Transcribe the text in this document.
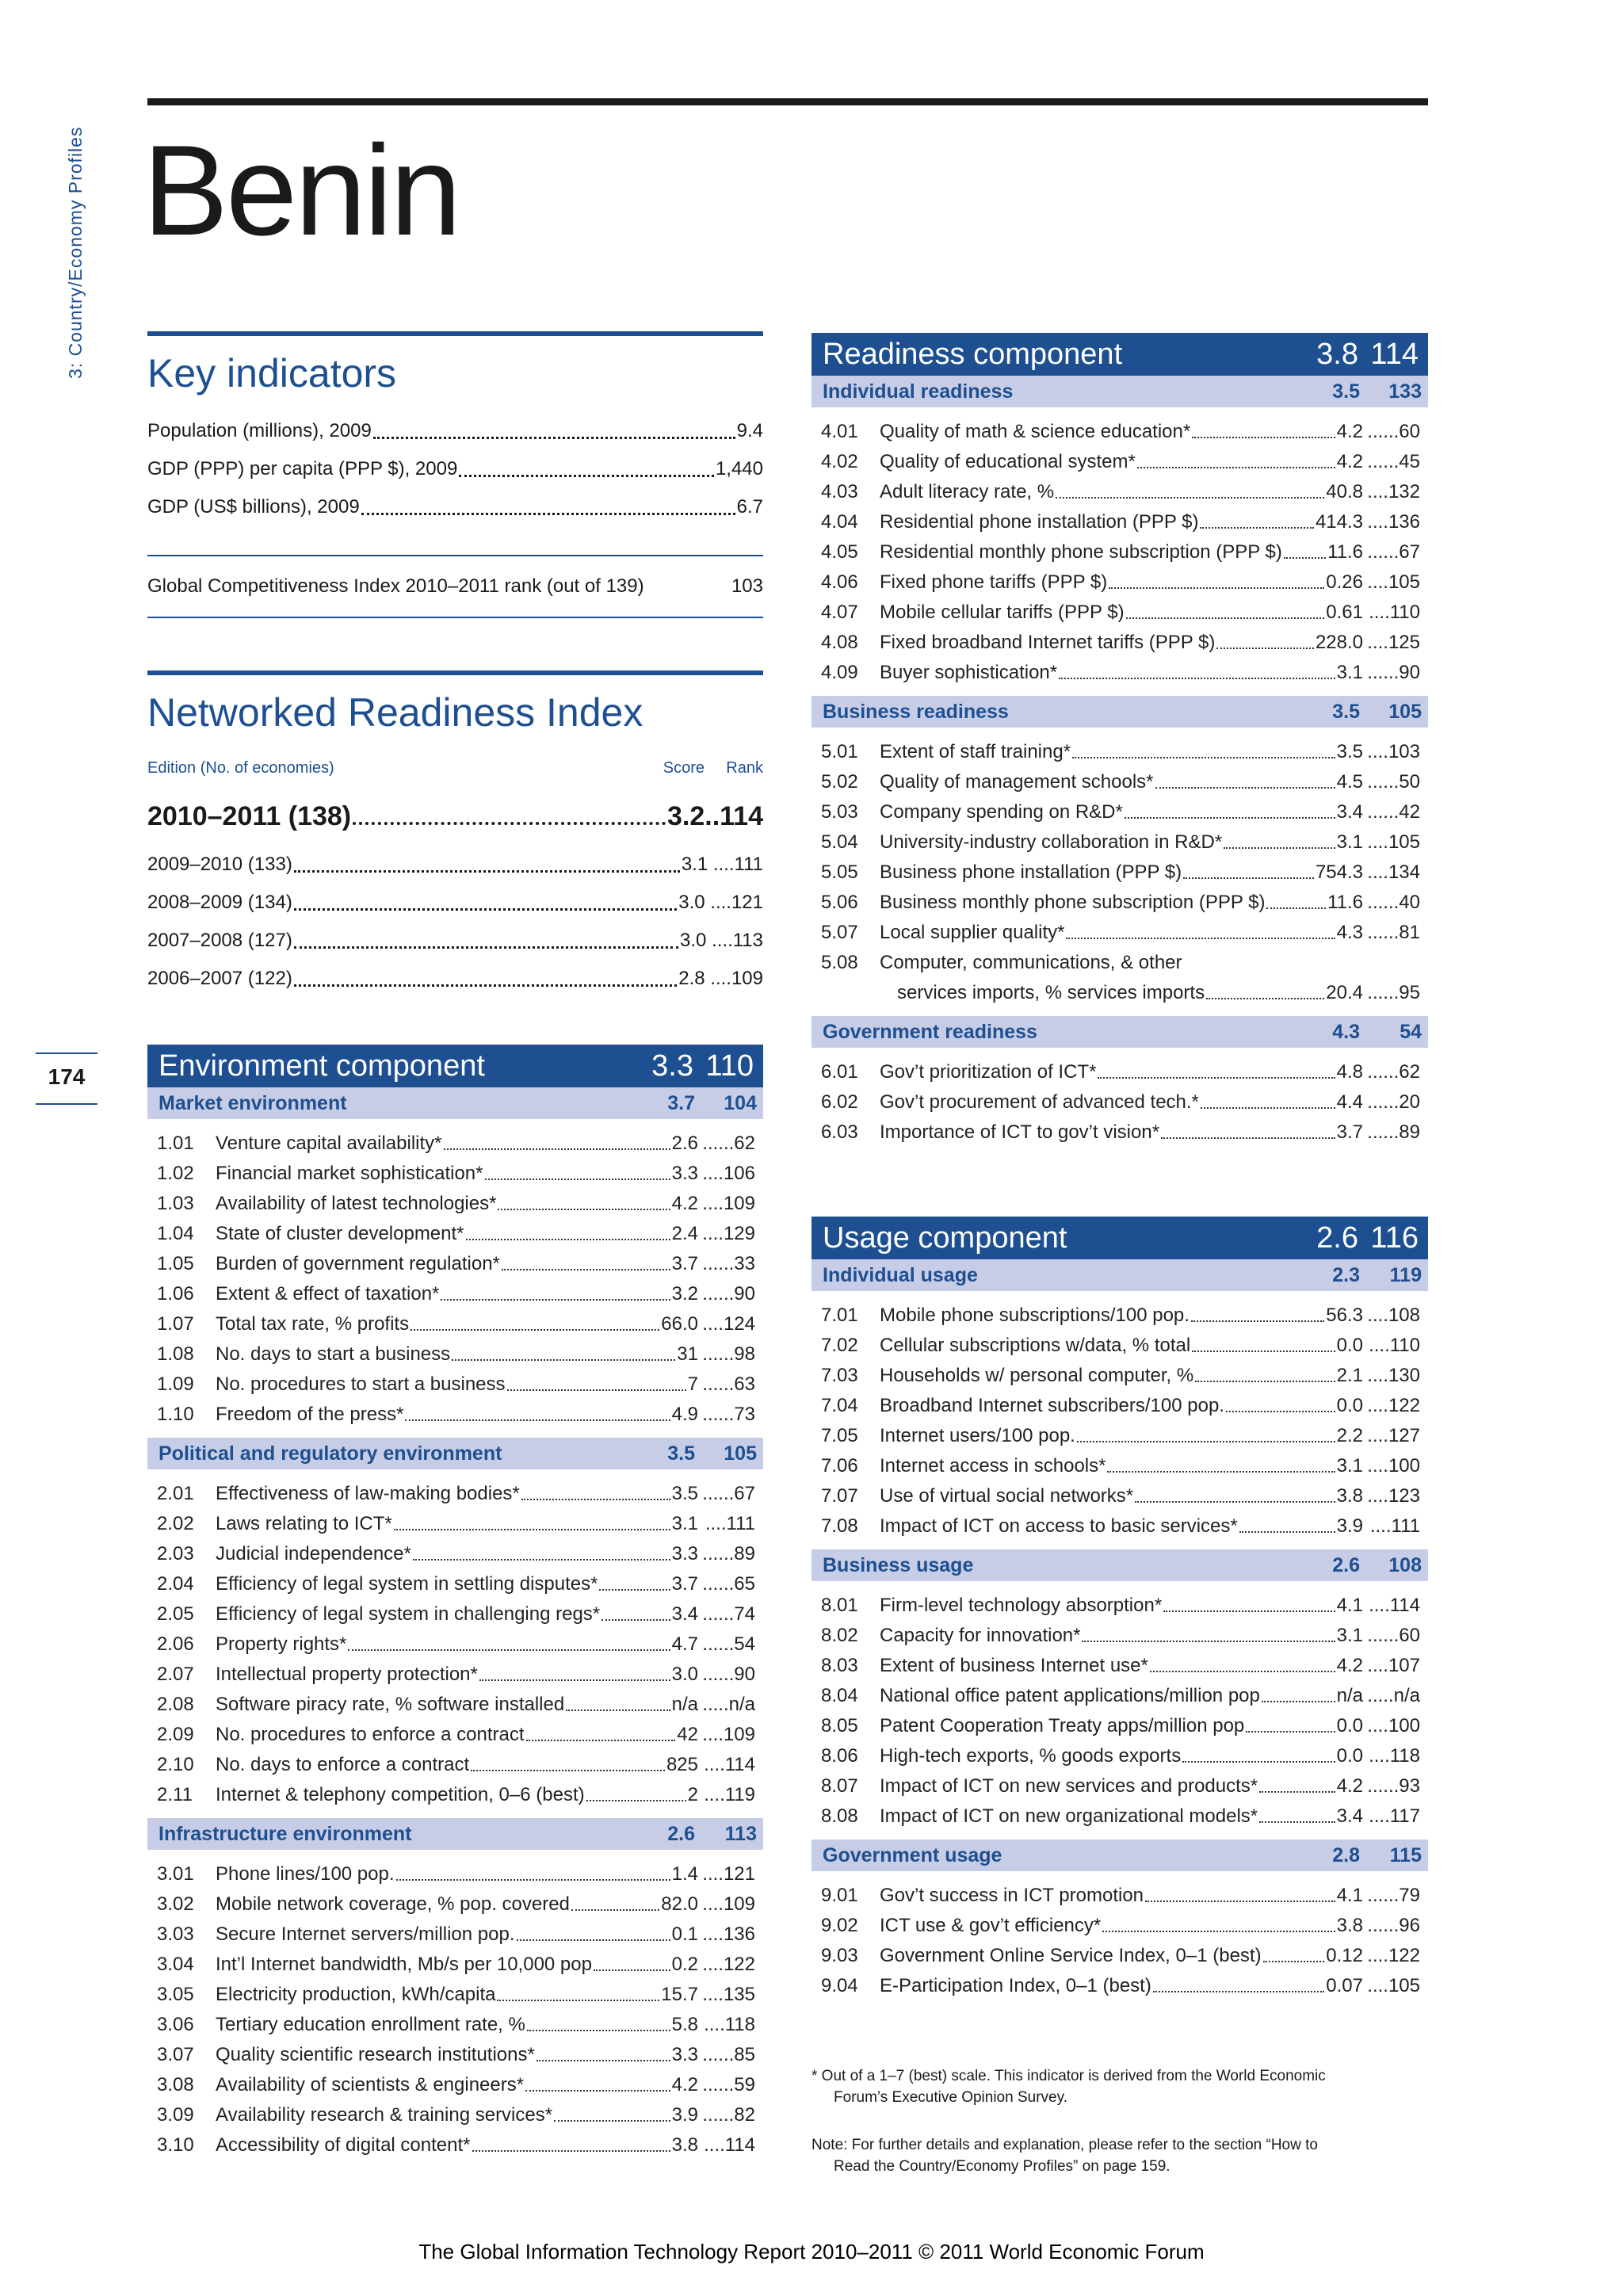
3: Country/Economy Profiles
174
Benin
Key indicators
Population (millions), 2009	9.4
GDP (PPP) per capita (PPP $), 2009	1,440
GDP (US$ billions), 2009	6.7
Global Competitiveness Index 2010–2011 rank (out of 139)	103
Networked Readiness Index
Edition (No. of economies)	Score	Rank
2010–2011 (138)	3.2..114
2009–2010 (133)	3.1 ....111
2008–2009 (134)	3.0 ....121
2007–2008 (127)	3.0 ....113
2006–2007 (122)	2.8 ....109
Environment component	3.3 110
Market environment	3.7	104
1.01	Venture capital availability*	2.6 ......62
1.02	Financial market sophistication*	3.3 ....106
1.03	Availability of latest technologies*	4.2 ....109
1.04	State of cluster development*	2.4 ....129
1.05	Burden of government regulation*	3.7 ......33
1.06	Extent & effect of taxation*	3.2 ......90
1.07	Total tax rate, % profits	66.0 ....124
1.08	No. days to start a business	31 ......98
1.09	No. procedures to start a business	7 ......63
1.10	Freedom of the press*	4.9 ......73
Political and regulatory environment	3.5	105
2.01	Effectiveness of law-making bodies*	3.5 ......67
2.02	Laws relating to ICT*	3.1 ....111
2.03	Judicial independence*	3.3 ......89
2.04	Efficiency of legal system in settling disputes*	3.7 ......65
2.05	Efficiency of legal system in challenging regs*	3.4 ......74
2.06	Property rights*	4.7 ......54
2.07	Intellectual property protection*	3.0 ......90
2.08	Software piracy rate, % software installed	n/a .....n/a
2.09	No. procedures to enforce a contract	42 ....109
2.10	No. days to enforce a contract	825 ....114
2.11	Internet & telephony competition, 0–6 (best)	2 ....119
Infrastructure environment	2.6	113
3.01	Phone lines/100 pop.	1.4 ....121
3.02	Mobile network coverage, % pop. covered	82.0 ....109
3.03	Secure Internet servers/million pop.	0.1 ....136
3.04	Int’l Internet bandwidth, Mb/s per 10,000 pop	0.2 ....122
3.05	Electricity production, kWh/capita	15.7 ....135
3.06	Tertiary education enrollment rate, %	5.8 ....118
3.07	Quality scientific research institutions*	3.3 ......85
3.08	Availability of scientists & engineers*	4.2 ......59
3.09	Availability research & training services*	3.9 ......82
3.10	Accessibility of digital content*	3.8 ....114
Readiness component	3.8 114
Individual readiness	3.5	133
4.01	Quality of math & science education*	4.2 ......60
4.02	Quality of educational system*	4.2 ......45
4.03	Adult literacy rate, %	40.8 ....132
4.04	Residential phone installation (PPP $)	414.3 ....136
4.05	Residential monthly phone subscription (PPP $) 11.6 ......67
4.06	Fixed phone tariffs (PPP $)	0.26 ....105
4.07	Mobile cellular tariffs (PPP $)	0.61 ....110
4.08	Fixed broadband Internet tariffs (PPP $)	228.0 ....125
4.09	Buyer sophistication*	3.1 ......90
Business readiness	3.5	105
5.01	Extent of staff training*	3.5 ....103
5.02	Quality of management schools*	4.5 ......50
5.03	Company spending on R&D*	3.4 ......42
5.04	University-industry collaboration in R&D*	3.1 ....105
5.05	Business phone installation (PPP $)	754.3 ....134
5.06	Business monthly phone subscription (PPP $)	11.6 ......40
5.07	Local supplier quality*	4.3 ......81
5.08	Computer, communications, & other
services imports, % services imports	20.4 ......95
Government readiness	4.3	54
6.01	Gov’t prioritization of ICT*	4.8 ......62
6.02	Gov’t procurement of advanced tech.*	4.4 ......20
6.03	Importance of ICT to gov’t vision*	3.7 ......89
Usage component	2.6 116
Individual usage	2.3	119
7.01	Mobile phone subscriptions/100 pop.	56.3 ....108
7.02	Cellular subscriptions w/data, % total	0.0 ....110
7.03	Households w/ personal computer, %	2.1 ....130
7.04	Broadband Internet subscribers/100 pop.	0.0 ....122
7.05	Internet users/100 pop.	2.2 ....127
7.06	Internet access in schools*	3.1 ....100
7.07	Use of virtual social networks*	3.8 ....123
7.08	Impact of ICT on access to basic services*	3.9 ....111
Business usage	2.6	108
8.01	Firm-level technology absorption*	4.1 ....114
8.02	Capacity for innovation*	3.1 ......60
8.03	Extent of business Internet use*	4.2 ....107
8.04	National office patent applications/million pop	n/a .....n/a
8.05	Patent Cooperation Treaty apps/million pop	0.0 ....100
8.06	High-tech exports, % goods exports	0.0 ....118
8.07	Impact of ICT on new services and products*	4.2 ......93
8.08	Impact of ICT on new organizational models*	3.4 ....117
Government usage	2.8	115
9.01	Gov’t success in ICT promotion	4.1 ......79
9.02	ICT use & gov’t efficiency*	3.8 ......96
9.03	Government Online Service Index, 0–1 (best)	0.12 ....122
9.04	E-Participation Index, 0–1 (best)	0.07 ....105
* Out of a 1–7 (best) scale. This indicator is derived from the World Economic
Forum’s Executive Opinion Survey.
Note: For further details and explanation, please refer to the section “How to
Read the Country/Economy Profiles” on page 159.
The Global Information Technology Report 2010–2011 © 2011 World Economic Forum
